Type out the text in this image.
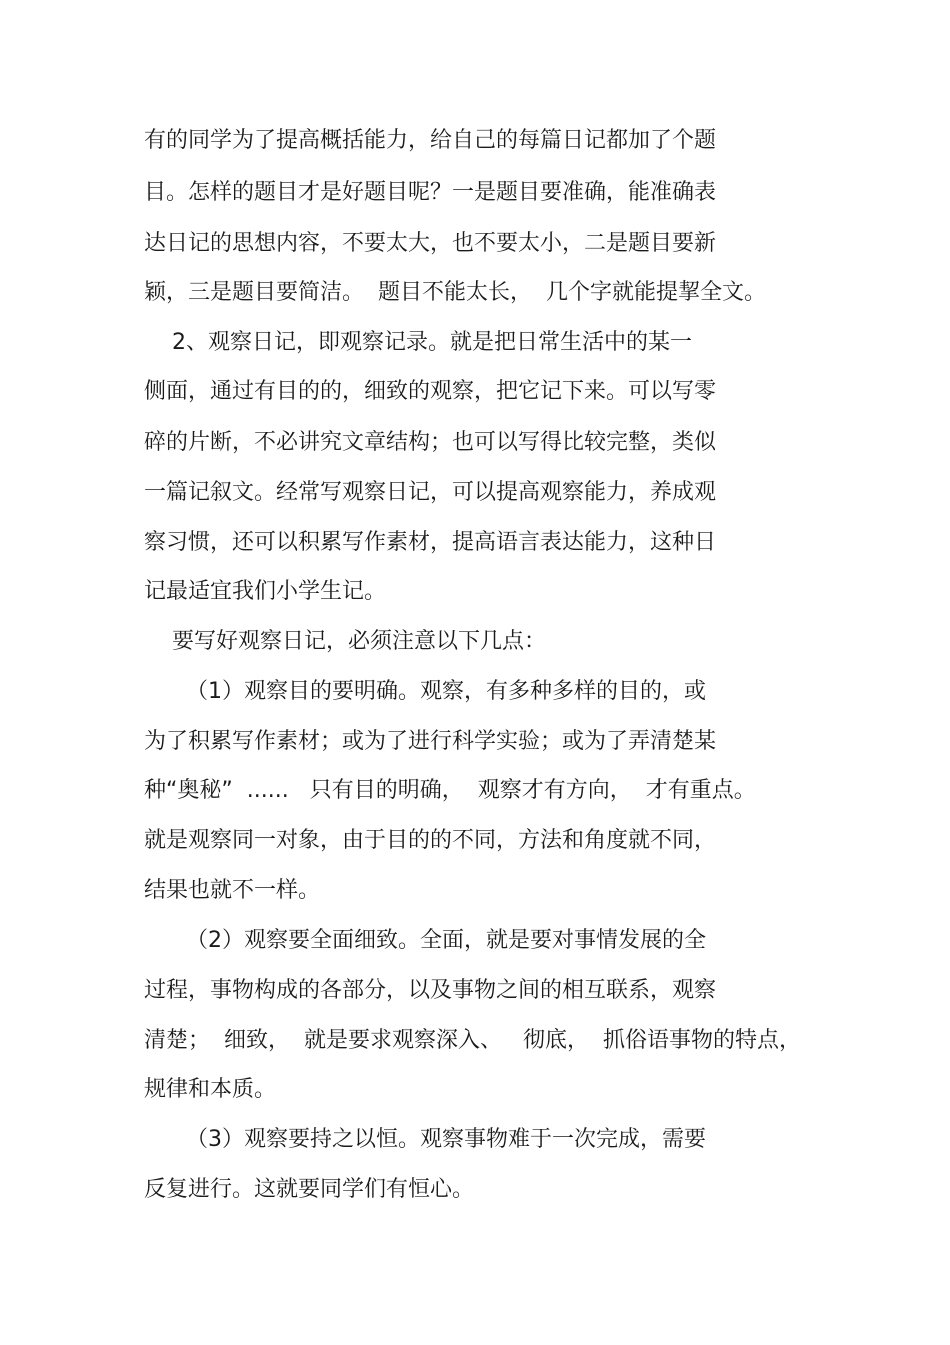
有的同学为了提高概括能力，给自己的每篇日记都加了个题

目。怎样的题目才是好题目呢？一是题目要准确，能准确表

达日记的思想内容，不要太大，也不要太小，二是题目要新

颖，三是题目要简洁。  题目不能太长，  几个字就能提挈全文。

2、观察日记，即观察记录。就是把日常生活中的某一

侧面，通过有目的的，细致的观察，把它记下来。可以写零

碎的片断，不必讲究文章结构；也可以写得比较完整，类似

一篇记叙文。经常写观察日记，可以提高观察能力，养成观

察习惯，还可以积累写作素材，提高语言表达能力，这种日

记最适宜我们小学生记。

要写好观察日记，必须注意以下几点：

（1）观察目的要明确。观察，有多种多样的目的，或

为了积累写作素材；或为了进行科学实验；或为了弄清楚某

种“奥秘”  ......   只有目的明确，  观察才有方向，  才有重点。

就是观察同一对象，由于目的的不同，方法和角度就不同，

结果也就不一样。

（2）观察要全面细致。全面，就是要对事情发展的全

过程，事物构成的各部分，以及事物之间的相互联系，观察

清楚；  细致，  就是要求观察深入、   彻底，  抓俗语事物的特点，

规律和本质。

（3）观察要持之以恒。观察事物难于一次完成，需要

反复进行。这就要同学们有恒心。
